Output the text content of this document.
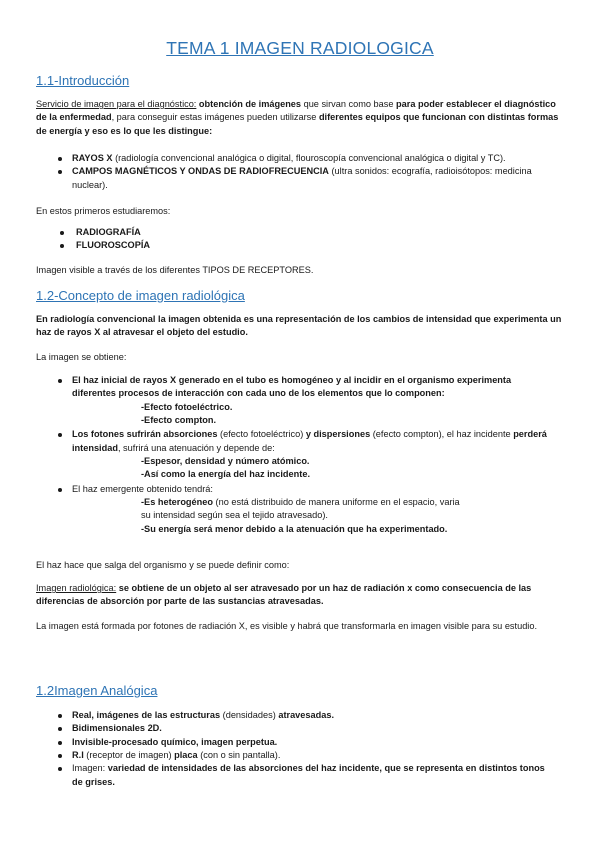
TEMA 1 IMAGEN RADIOLOGICA
1.1-Introducción
Servicio de imagen para el diagnóstico: obtención de imágenes que sirvan como base para poder establecer el diagnóstico de la enfermedad, para conseguir estas imágenes pueden utilizarse diferentes equipos que funcionan con distintas formas de energía y eso es lo que les distingue:
RAYOS X (radiología convencional analógica o digital, flouroscopía convencional analógica o digital y TC).
CAMPOS MAGNÉTICOS Y ONDAS DE RADIOFRECUENCIA (ultra sonidos: ecografía, radioisótopos: medicina nuclear).
En estos primeros estudiaremos:
RADIOGRAFÍA
FLUOROSCOPÍA
Imagen visible a través de los diferentes TIPOS DE RECEPTORES.
1.2-Concepto de imagen radiológica
En radiología convencional la imagen obtenida es una representación de los cambios de intensidad que experimenta un haz de rayos X al atravesar el objeto del estudio.
La imagen se obtiene:
El haz inicial de rayos X generado en el tubo es homogéneo y al incidir en el organismo experimenta diferentes procesos de interacción con cada uno de los elementos que lo componen:
-Efecto fotoeléctrico.
-Efecto compton.
Los fotones sufrirán absorciones (efecto fotoeléctrico) y dispersiones (efecto compton), el haz incidente perderá intensidad, sufrirá una atenuación y depende de:
-Espesor, densidad y número atómico.
-Así como la energía del haz incidente.
El haz emergente obtenido tendrá:
-Es heterogéneo (no está distribuido de manera uniforme en el espacio, varia su intensidad según sea el tejido atravesado).
-Su energía será menor debido a la atenuación que ha experimentado.
El haz hace que salga del organismo y se puede definir como:
Imagen radiológica: se obtiene de un objeto al ser atravesado por un haz de radiación x como consecuencia de las diferencias de absorción por parte de las sustancias atravesadas.
La imagen está formada por fotones de radiación X, es visible y habrá que transformarla en imagen visible para su estudio.
1.2Imagen Analógica
Real, imágenes de las estructuras (densidades) atravesadas.
Bidimensionales 2D.
Invisible-procesado químico, imagen perpetua.
R.I (receptor de imagen) placa (con o sin pantalla).
Imagen: variedad de intensidades de las absorciones del haz incidente, que se representa en distintos tonos de grises.
